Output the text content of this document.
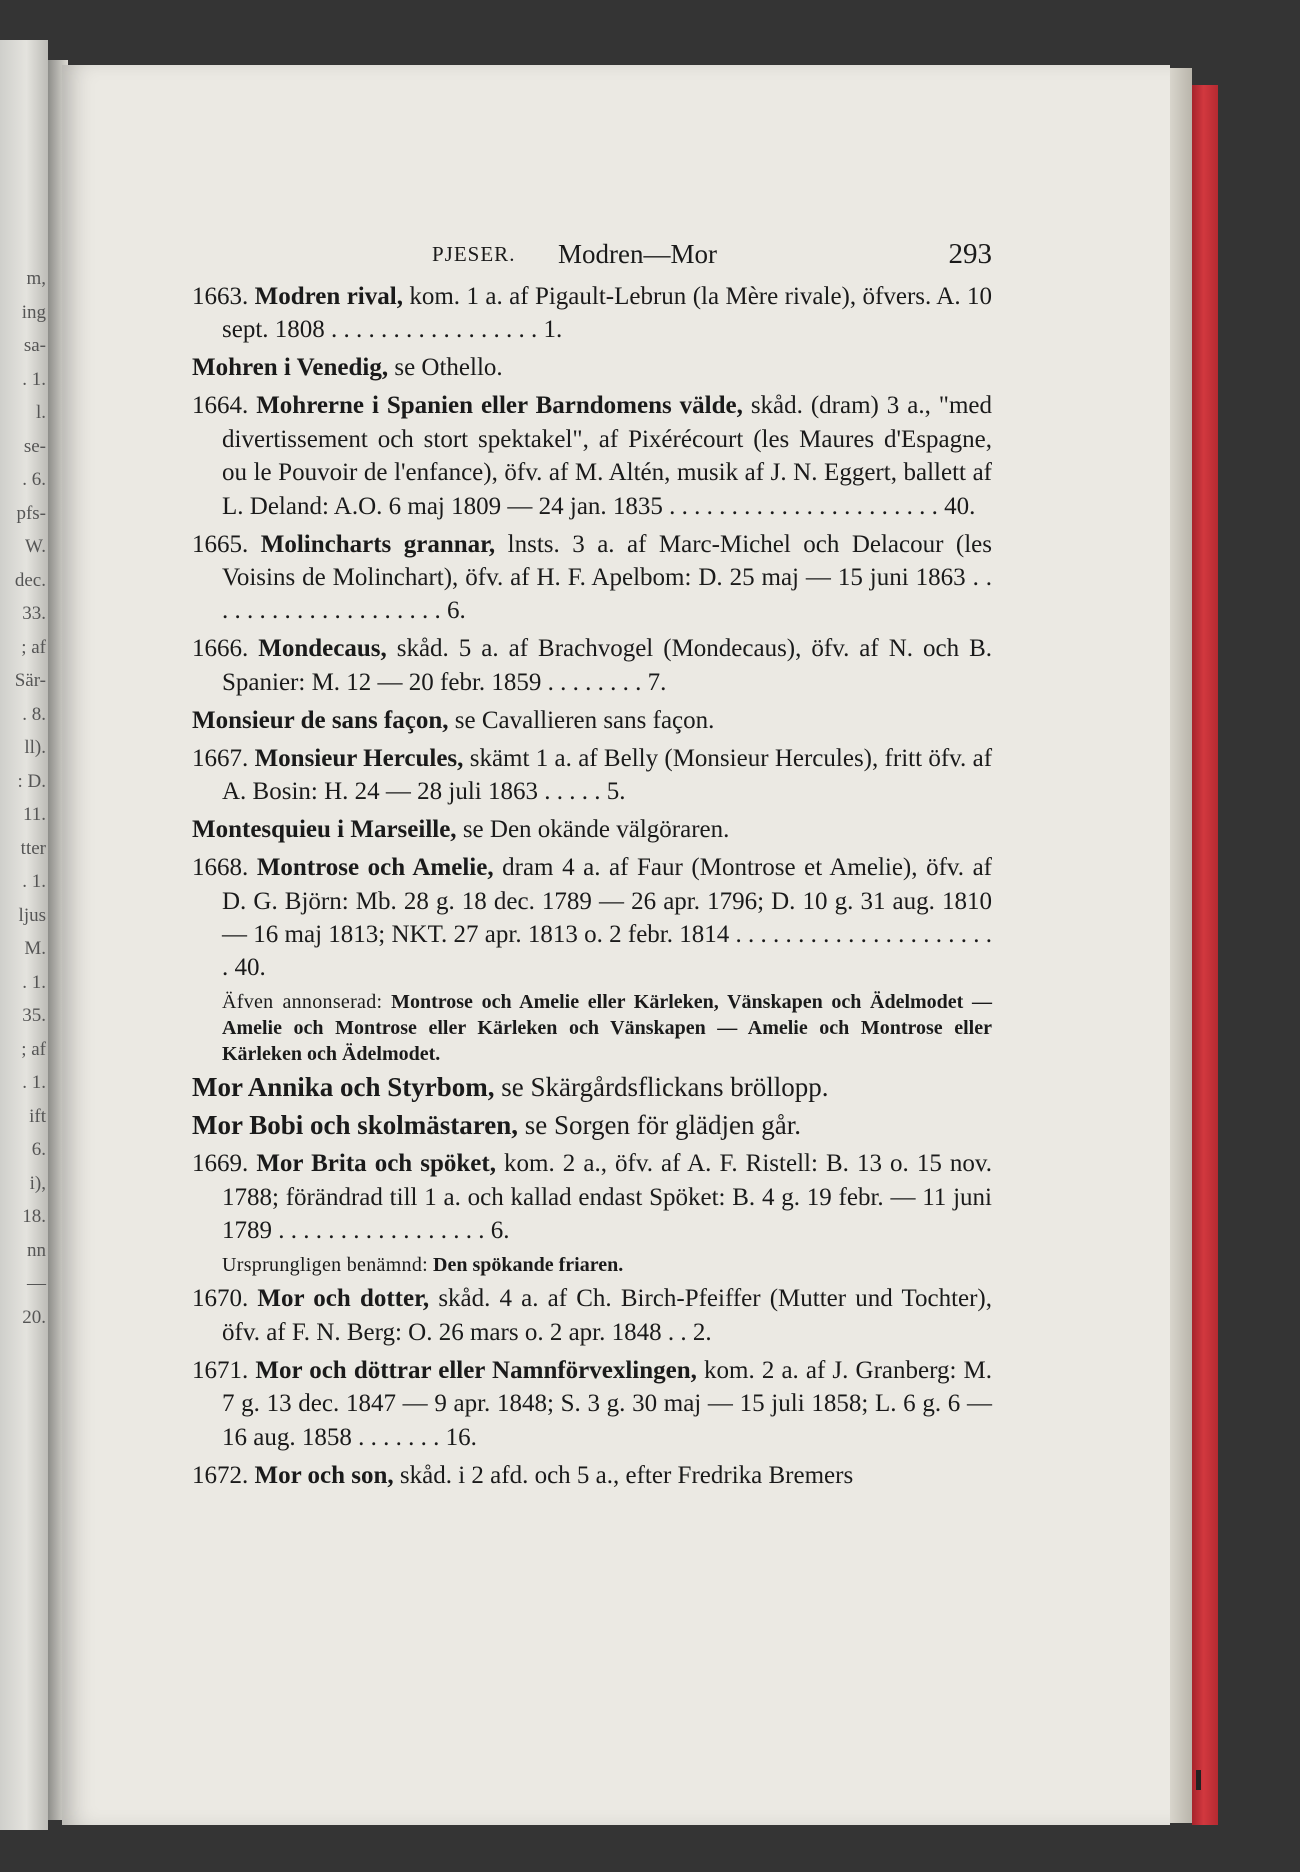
m,
ing
sa-
. 1.
l.
se-
. 6.
pfs-
W.
dec.
33.
; af
Sär-
. 8.
ll).
: D.
11.
tter
. 1.
ljus
M.
. 1.
35.
; af
. 1.
ift
6.
i),
18.
nn
—
20.
PJESER. Modren—Mor	293

1663. Modren rival, kom. 1 a. af Pigault-Lebrun (la Mère rivale), öfvers. A. 10 sept. 1808 . . . . . . . . . . . . . . . . . 1.

Mohren i Venedig, se Othello.

1664. Mohrerne i Spanien eller Barndomens välde, skåd. (dram) 3 a., "med divertissement och stort spektakel", af Pixérécourt (les Maures d'Espagne, ou le Pouvoir de l'enfance), öfv. af M. Altén, musik af J. N. Eggert, ballett af L. Deland: A.O. 6 maj 1809 — 24 jan. 1835 . . . . . . . . . . . . . . . . . . . . . . 40.

1665. Molincharts grannar, lnsts. 3 a. af Marc-Michel och Delacour (les Voisins de Molinchart), öfv. af H. F. Apelbom: D. 25 maj — 15 juni 1863 . . . . . . . . . . . . . . . . . . . . 6.

1666. Mondecaus, skåd. 5 a. af Brachvogel (Mondecaus), öfv. af N. och B. Spanier: M. 12 — 20 febr. 1859 . . . . . . . . 7.

Monsieur de sans façon, se Cavallieren sans façon.

1667. Monsieur Hercules, skämt 1 a. af Belly (Monsieur Hercules), fritt öfv. af A. Bosin: H. 24 — 28 juli 1863 . . . . . 5.

Montesquieu i Marseille, se Den okände välgöraren.

1668. Montrose och Amelie, dram 4 a. af Faur (Montrose et Amelie), öfv. af D. G. Björn: Mb. 28 g. 18 dec. 1789 — 26 apr. 1796; D. 10 g. 31 aug. 1810 — 16 maj 1813; NKT. 27 apr. 1813 o. 2 febr. 1814 . . . . . . . . . . . . . . . . . . . . . . 40.

Äfven annonserad: Montrose och Amelie eller Kärleken, Vänskapen och Ädelmodet — Amelie och Montrose eller Kärleken och Vänskapen — Amelie och Montrose eller Kärleken och Ädelmodet.

Mor Annika och Styrbom, se Skärgårdsflickans bröllopp.

Mor Bobi och skolmästaren, se Sorgen för glädjen går.

1669. Mor Brita och spöket, kom. 2 a., öfv. af A. F. Ristell: B. 13 o. 15 nov. 1788; förändrad till 1 a. och kallad endast Spöket: B. 4 g. 19 febr. — 11 juni 1789 . . . . . . . . . . . . . . . . . 6.

Ursprungligen benämnd: Den spökande friaren.

1670. Mor och dotter, skåd. 4 a. af Ch. Birch-Pfeiffer (Mutter und Tochter), öfv. af F. N. Berg: O. 26 mars o. 2 apr. 1848 . . 2.

1671. Mor och döttrar eller Namnförvexlingen, kom. 2 a. af J. Granberg: M. 7 g. 13 dec. 1847 — 9 apr. 1848; S. 3 g. 30 maj — 15 juli 1858; L. 6 g. 6 — 16 aug. 1858 . . . . . . . 16.

1672. Mor och son, skåd. i 2 afd. och 5 a., efter Fredrika Bremers
